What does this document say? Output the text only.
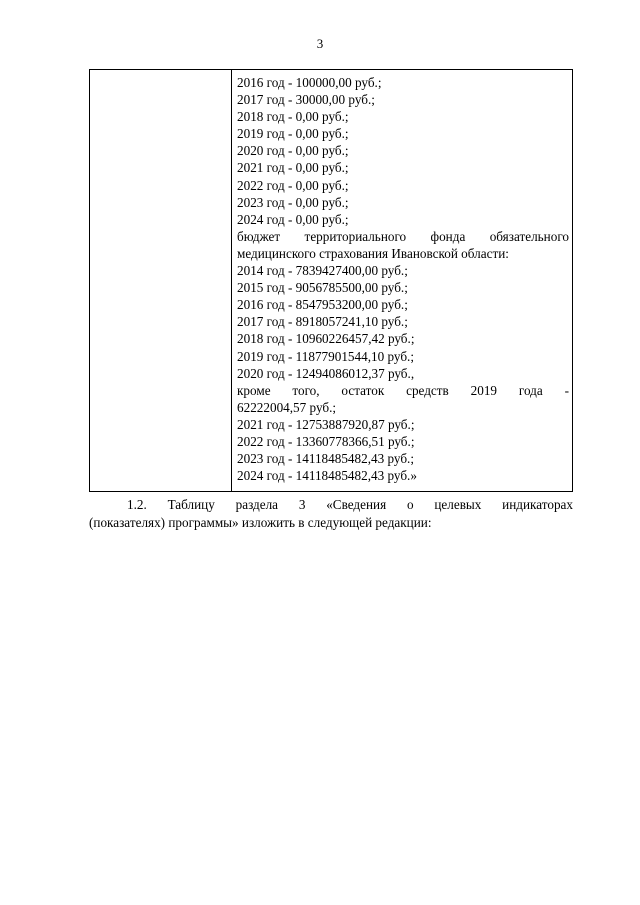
3
2016 год - 100000,00 руб.;
2017 год - 30000,00 руб.;
2018 год - 0,00 руб.;
2019 год - 0,00 руб.;
2020 год - 0,00 руб.;
2021 год - 0,00 руб.;
2022 год - 0,00 руб.;
2023 год - 0,00 руб.;
2024 год - 0,00 руб.;
бюджет территориального фонда обязательного
медицинского страхования Ивановской области:
2014 год - 7839427400,00 руб.;
2015 год - 9056785500,00 руб.;
2016 год - 8547953200,00 руб.;
2017 год - 8918057241,10 руб.;
2018 год - 10960226457,42 руб.;
2019 год - 11877901544,10 руб.;
2020 год - 12494086012,37 руб.,
кроме того, остаток средств 2019 года -
62222004,57 руб.;
2021 год - 12753887920,87 руб.;
2022 год - 13360778366,51 руб.;
2023 год - 14118485482,43 руб.;
2024 год - 14118485482,43 руб.»
1.2. Таблицу раздела 3 «Сведения о целевых индикаторах
(показателях) программы» изложить в следующей редакции:
